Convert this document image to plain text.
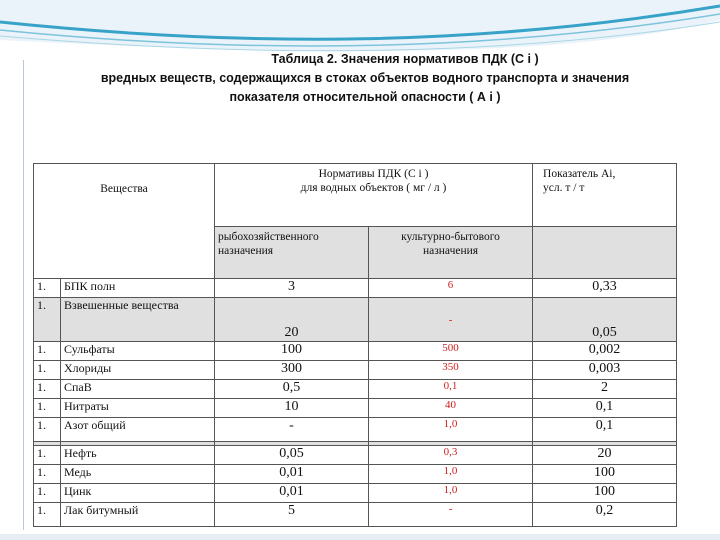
Таблица 2. Значения нормативов ПДК (С i )
вредных веществ, содержащихся в стоках объектов водного транспорта и значения
показателя относительной опасности ( А i )
Вещества		Нормативы ПДК (С i )
для водных объектов ( мг / л )		Показатель Аi,
усл. т / т

		рыбохозяйственного
назначения	культурно-бытового
назначения	

1.	БПК полн	3	6	0,33
1.	Взвешенные вещества	20	-	0,05
1.	Сульфаты	100	500	0,002
1.	Хлориды	300	350	0,003
1.	СпаВ	0,5	0,1	2
1.	Нитраты	10	40	0,1
1.	Азот общий	-	1,0	0,1

1.	Нефть	0,05	0,3	20
1.	Медь	0,01	1,0	100
1.	Цинк	0,01	1,0	100
1.	Лак битумный	5	-	0,2
